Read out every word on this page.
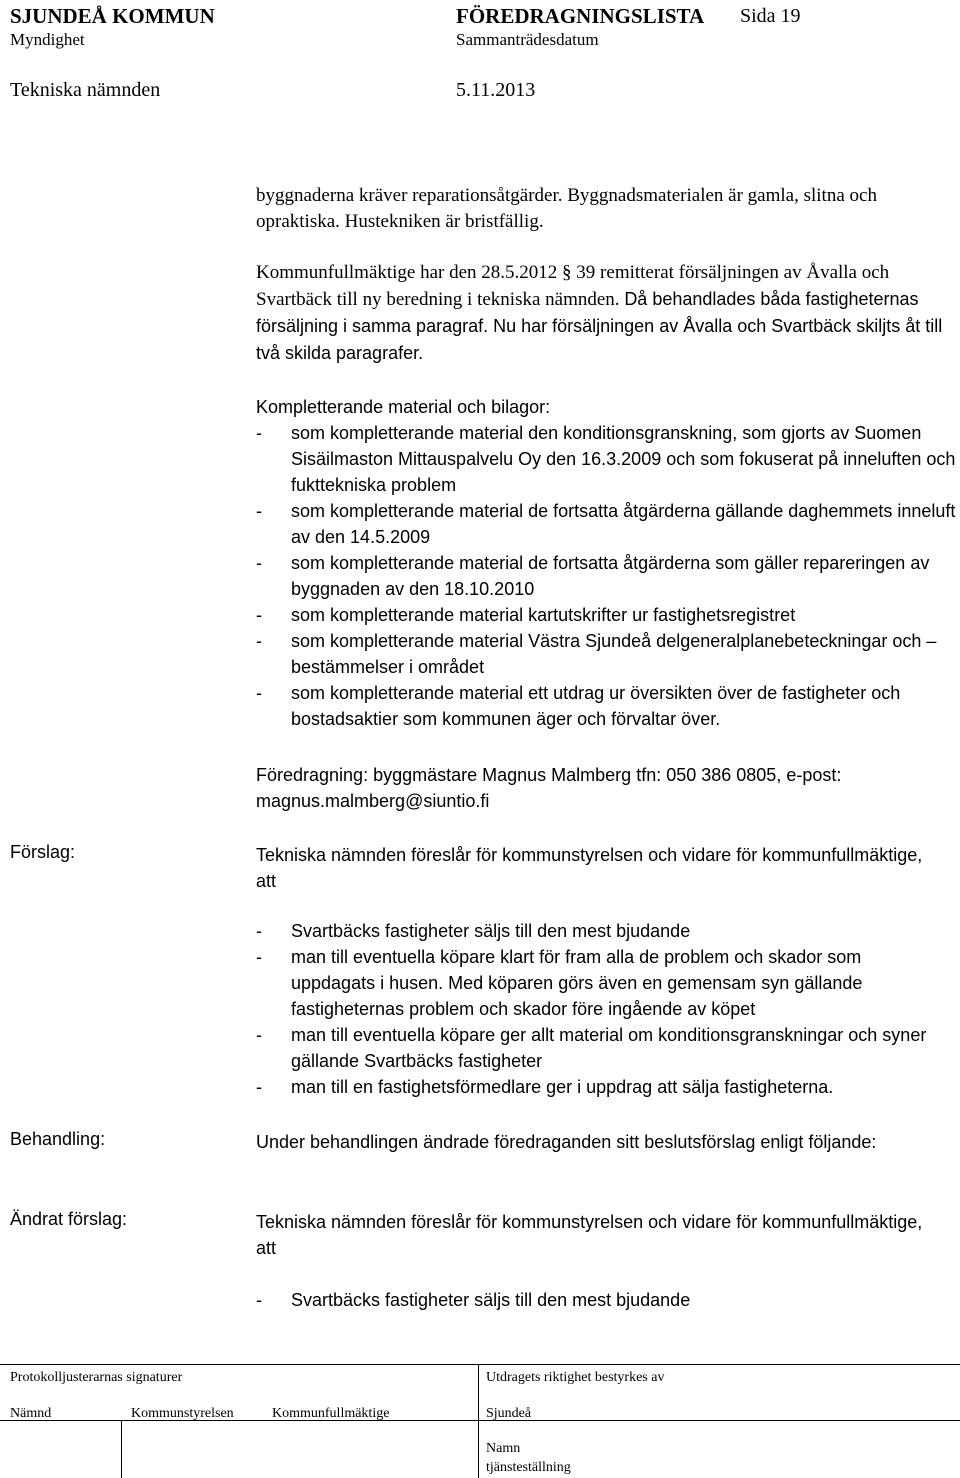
SJUNDEÅ KOMMUN	FÖREDRAGNINGSLISTA Sida 19
Myndighet	Sammanträdesdatum
Tekniska nämnden	5.11.2013

byggnaderna kräver reparationsåtgärder. Byggnadsmaterialen är gamla, slitna och opraktiska. Hustekniken är bristfällig.

Kommunfullmäktige har den 28.5.2012 § 39 remitterat försäljningen av Åvalla och Svartbäck till ny beredning i tekniska nämnden. Då behandlades båda fastigheternas försäljning i samma paragraf. Nu har försäljningen av Åvalla och Svartbäck skiljts åt till två skilda paragrafer.

Kompletterande material och bilagor:

- som kompletterande material den konditionsgranskning, som gjorts av Suomen Sisäilmaston Mittauspalvelu Oy den 16.3.2009 och som fokuserat på inneluften och fukttekniska problem
- som kompletterande material de fortsatta åtgärderna gällande daghemmets inneluft av den 14.5.2009
- som kompletterande material de fortsatta åtgärderna som gäller repareringen av byggnaden av den 18.10.2010
- som kompletterande material kartutskrifter ur fastighetsregistret
- som kompletterande material Västra Sjundeå delgeneralplanebeteckningar och –bestämmelser i området
- som kompletterande material ett utdrag ur översikten över de fastigheter och bostadsaktier som kommunen äger och förvaltar över.
Föredragning: byggmästare Magnus Malmberg tfn: 050 386 0805, e-post: magnus.malmberg@siuntio.fi
Förslag:	Tekniska nämnden föreslår för kommunstyrelsen och vidare för kommunfullmäktige, att
- Svartbäcks fastigheter säljs till den mest bjudande
- man till eventuella köpare klart för fram alla de problem och skador som uppdagats i husen. Med köparen görs även en gemensam syn gällande fastigheternas problem och skador före ingående av köpet
- man till eventuella köpare ger allt material om konditionsgranskningar och syner gällande Svartbäcks fastigheter
- man till en fastighetsförmedlare ger i uppdrag att sälja fastigheterna.
Behandling:	Under behandlingen ändrade föredraganden sitt beslutsförslag enligt följande:
Ändrat förslag:	Tekniska nämnden föreslår för kommunstyrelsen och vidare för kommunfullmäktige, att
- Svartbäcks fastigheter säljs till den mest bjudande
Protokolljusterarnas signaturer	Utdragets riktighet bestyrkes av
Nämnd	Kommunstyrelsen	Kommunfullmäktige	Sjundeå
Namn
tjänsteställning
